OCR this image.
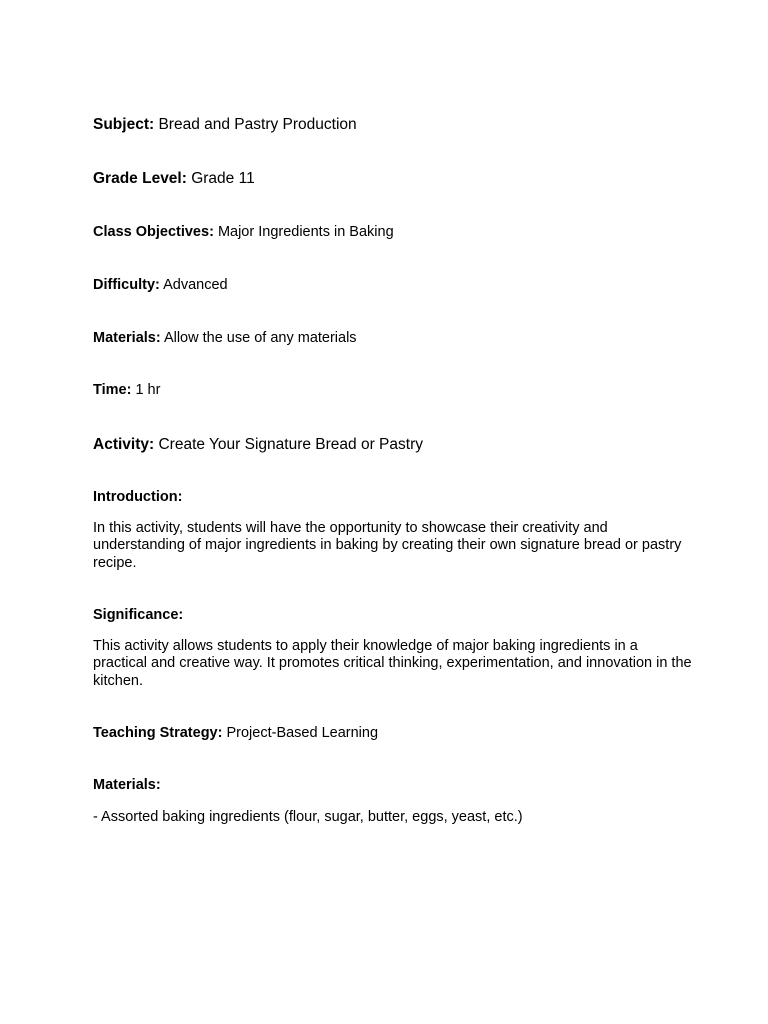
Subject: Bread and Pastry Production
Grade Level: Grade 11
Class Objectives: Major Ingredients in Baking
Difficulty: Advanced
Materials: Allow the use of any materials
Time: 1 hr
Activity: Create Your Signature Bread or Pastry
Introduction:
In this activity, students will have the opportunity to showcase their creativity and understanding of major ingredients in baking by creating their own signature bread or pastry recipe.
Significance:
This activity allows students to apply their knowledge of major baking ingredients in a practical and creative way. It promotes critical thinking, experimentation, and innovation in the kitchen.
Teaching Strategy: Project-Based Learning
Materials:
- Assorted baking ingredients (flour, sugar, butter, eggs, yeast, etc.)
